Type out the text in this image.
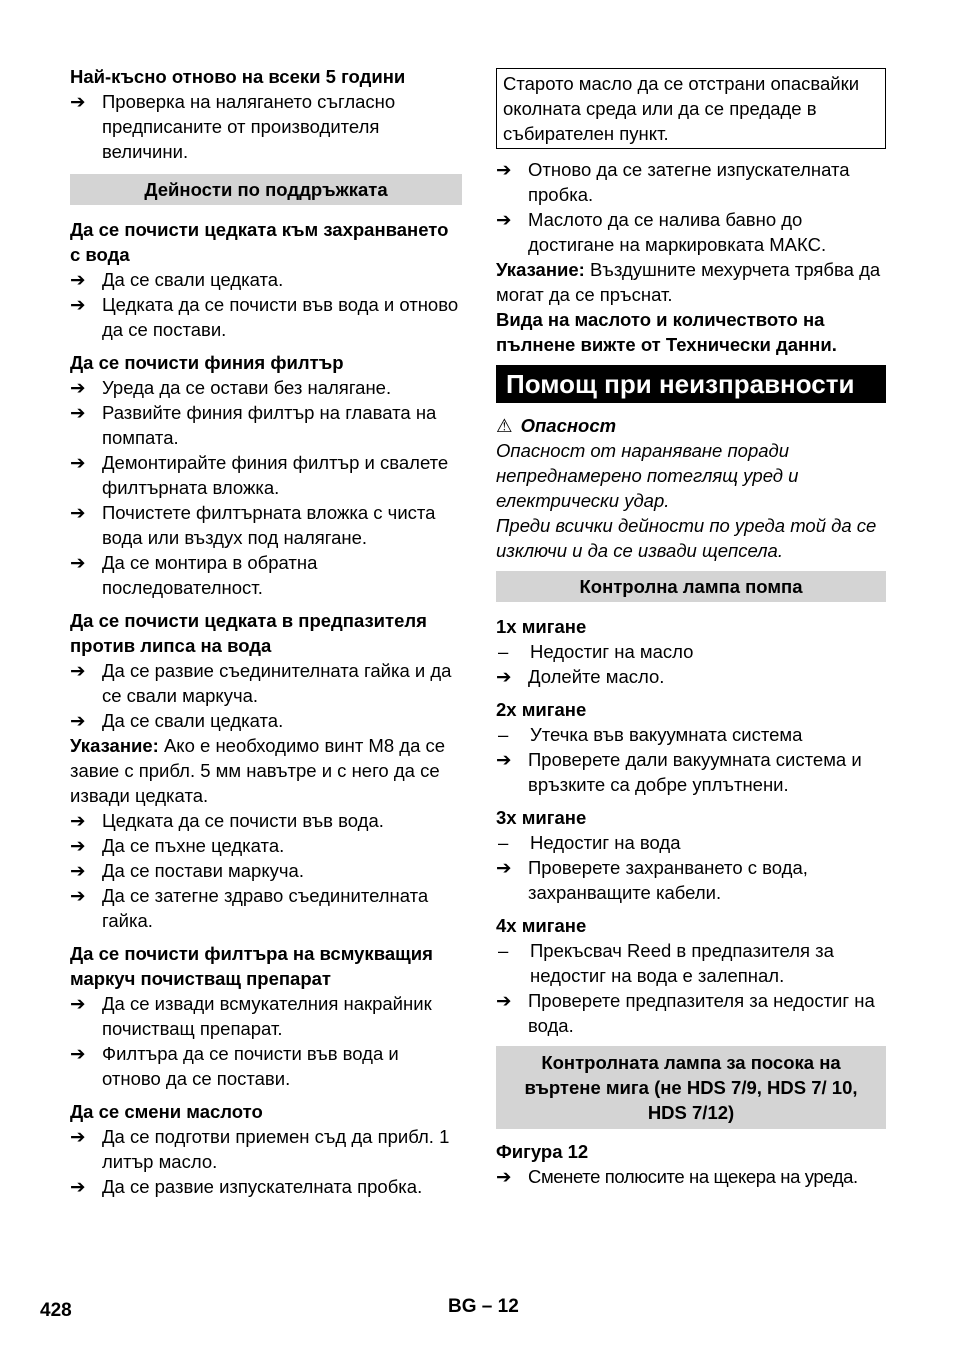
Най-късно отново на всеки 5 години

➔ Проверка на налягането съгласно предписаните от производителя величини.
Дейности по поддръжката

Да се почисти цедката към захранването с вода

➔ Да се свали цедката.
➔ Цедката да се почисти във вода и отново да се постави.

Да се почисти финия филтър

➔ Уреда да се остави без налягане.
➔ Развийте финия филтър на главата на помпата.
➔ Демонтирайте финия филтър и свалете филтърната вложка.
➔ Почистете филтърната вложка с чиста вода или въздух под налягане.
➔ Да се монтира в обратна последователност.

Да се почисти цедката в предпазителя против липса на вода

➔ Да се развие съединителната гайка и да се свали маркуча.
➔ Да се свали цедката.

Указание: Ако е необходимо винт М8 да се завие с прибл. 5 мм навътре и с него да се извади цедката.

➔ Цедката да се почисти във вода.
➔ Да се пъхне цедката.
➔ Да се постави маркуча.
➔ Да се затегне здраво съединителната гайка.

Да се почисти филтъра на всмукващия маркуч почистващ препарат

➔ Да се извади всмукателния накрайник почистващ препарат.
➔ Филтъра да се почисти във вода и отново да се постави.

Да се смени маслото

➔ Да се подготви приемен съд да прибл. 1 литър масло.
➔ Да се развие изпускателната пробка.
Старото масло да се отстрани опасвайки околната среда или да се предаде в събирателен пункт.
➔ Отново да се затегне изпускателната пробка.
➔ Маслото да се налива бавно до достигане на маркировката МАКС.

Указание: Въздушните мехурчета трябва да могат да се пръснат.

Вида на маслото и количеството на пълнене вижте от Технически данни.

Помощ при неизправности
⚠ Опасност

Опасност от нараняване поради непреднамерено потеглящ уред и електрически удар.

Преди всички дейности по уреда той да се изключи и да се извади щепсела.

Контролна лампа помпа

1x мигане

–	Недостиг на масло
➔ Долейте масло.

2x мигане

–	Утечка във вакуумната система
➔ Проверете дали вакуумната система и връзките са добре уплътнени.

3x мигане

–	Недостиг на вода
➔ Проверете захранването с вода, захранващите кабели.

4x мигане

–	Прекъсвач Reed в предпазителя за недостиг на вода е залепнал.
➔ Проверете предпазителя за недостиг на вода.
Контролната лампа за посока на въртене мига (не HDS 7/9, HDS 7/ 10, HDS 7/12)

Фигура 12

➔ Сменете полюсите на щекера на уреда.
428	BG – 12
